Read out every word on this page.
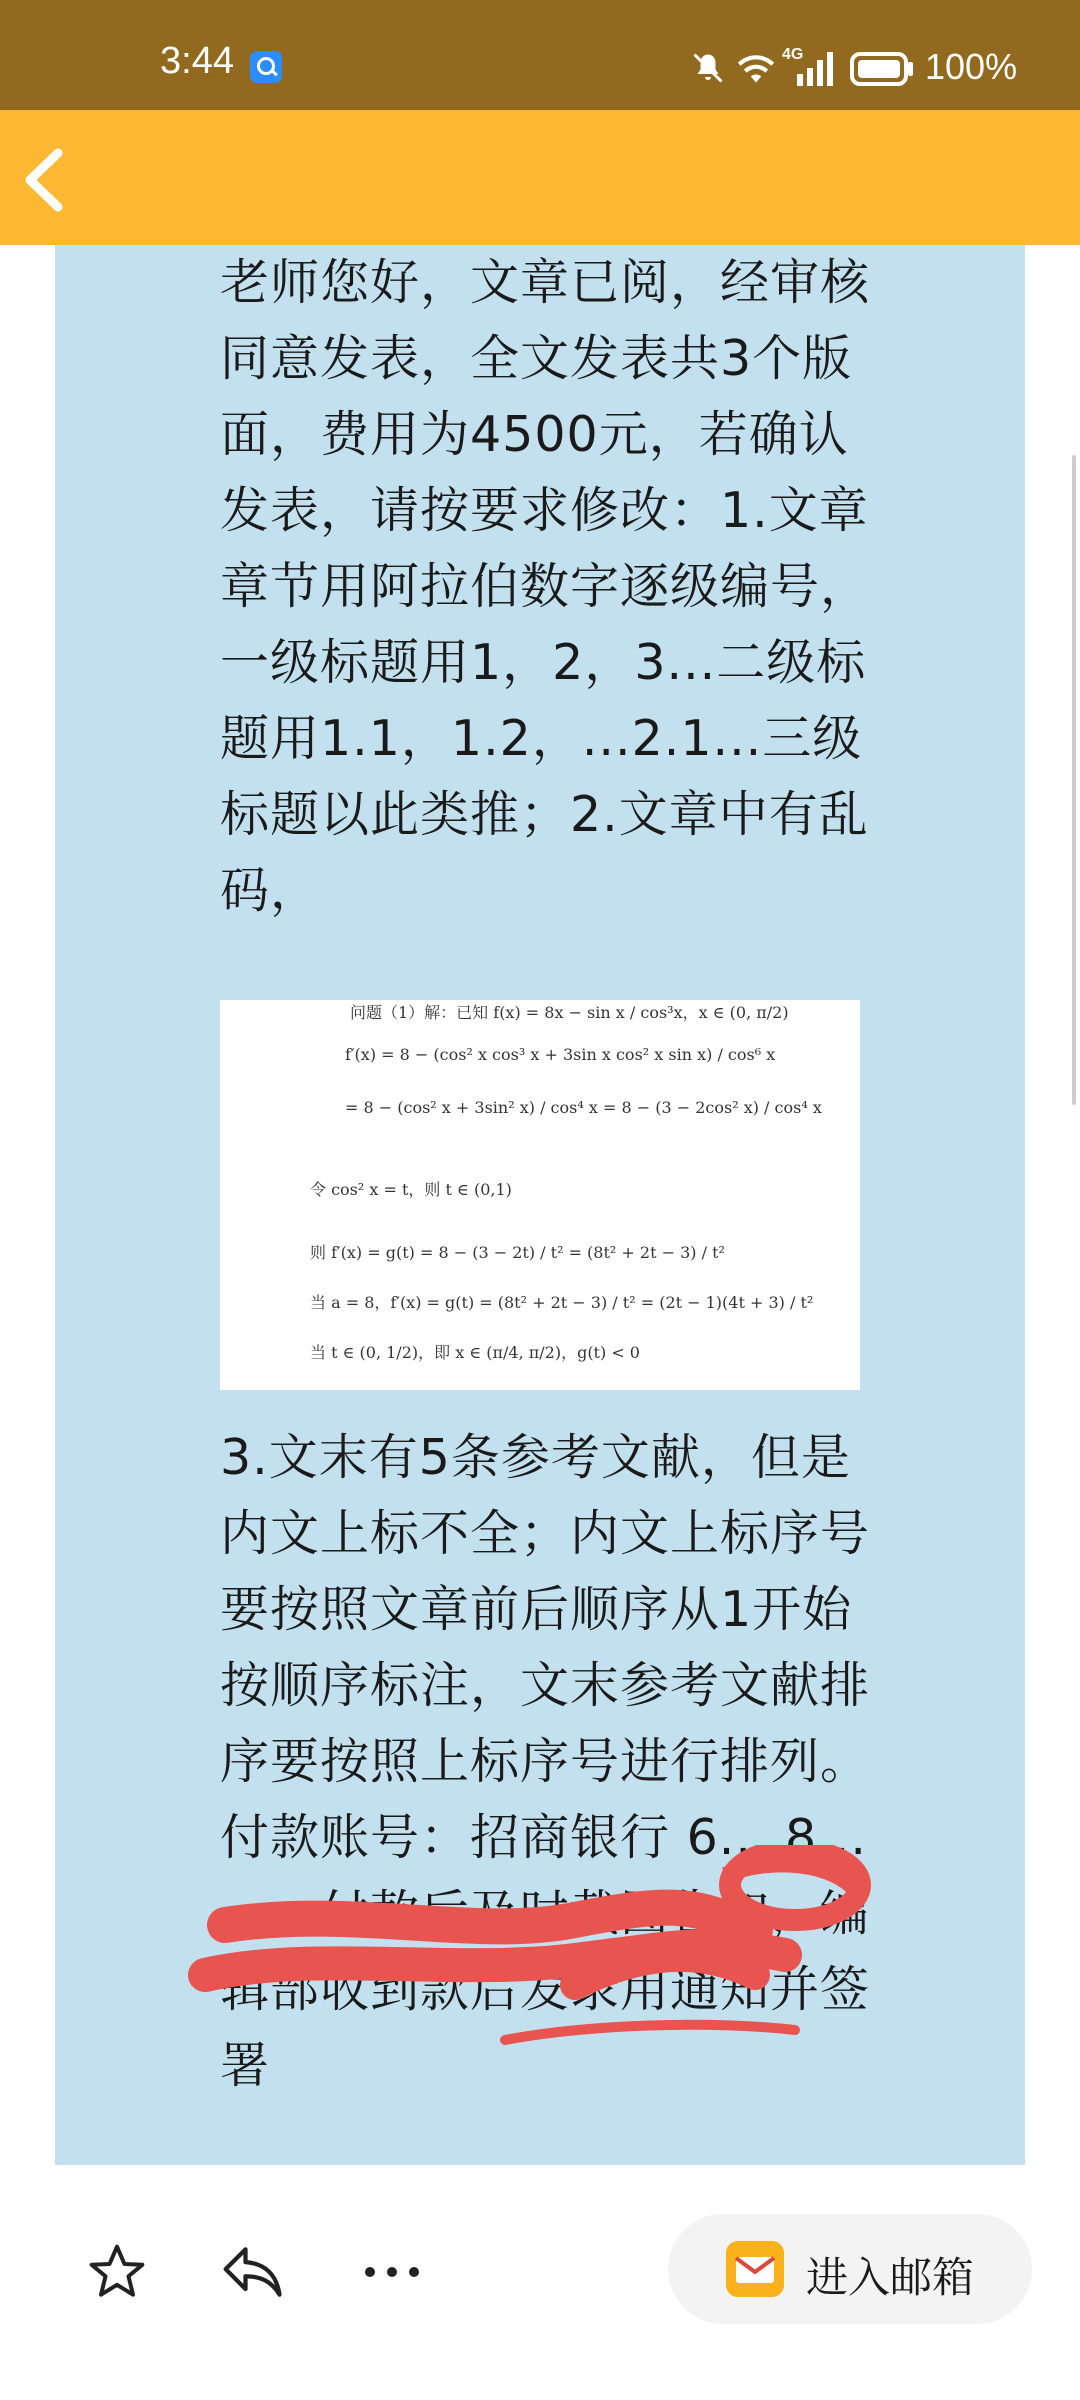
3:44	4G	100%
老师您好，文章已阅，经审核同意发表，全文发表共3个版面，费用为4500元，若确认发表，请按要求修改：1.文章章节用阿拉伯数字逐级编号，一级标题用1，2，3...二级标题用1.1，1.2，...2.1...三级标题以此类推；2.文章中有乱码，
问题（1）解：已知 f(x) = 8x − sin x / cos³x，x ∈ (0, π/2)
f′(x) = 8 − (cos² x cos³ x + 3sin x cos² x sin x) / cos⁶ x
= 8 − (cos² x + 3sin² x) / cos⁴ x = 8 − (3 − 2cos² x) / cos⁴ x
令 cos² x = t，则 t ∈ (0,1)
则 f′(x) = g(t) = 8 − (3 − 2t) / t² = (8t² + 2t − 3) / t²
当 a = 8，f′(x) = g(t) = (8t² + 2t − 3) / t² = (2t − 1)(4t + 3) / t²
当 t ∈ (0, 1/2)，即 x ∈ (π/4, π/2)，g(t) < 0
3.文末有5条参考文献，但是内文上标不全；内文上标序号要按照文章前后顺序从1开始按顺序标注，文末参考文献排序要按照上标序号进行排列。
付款账号：招商银行 6... 8... ...；付款后及时截图告知，编辑部收到款后发录用通知并签署
进入邮箱
